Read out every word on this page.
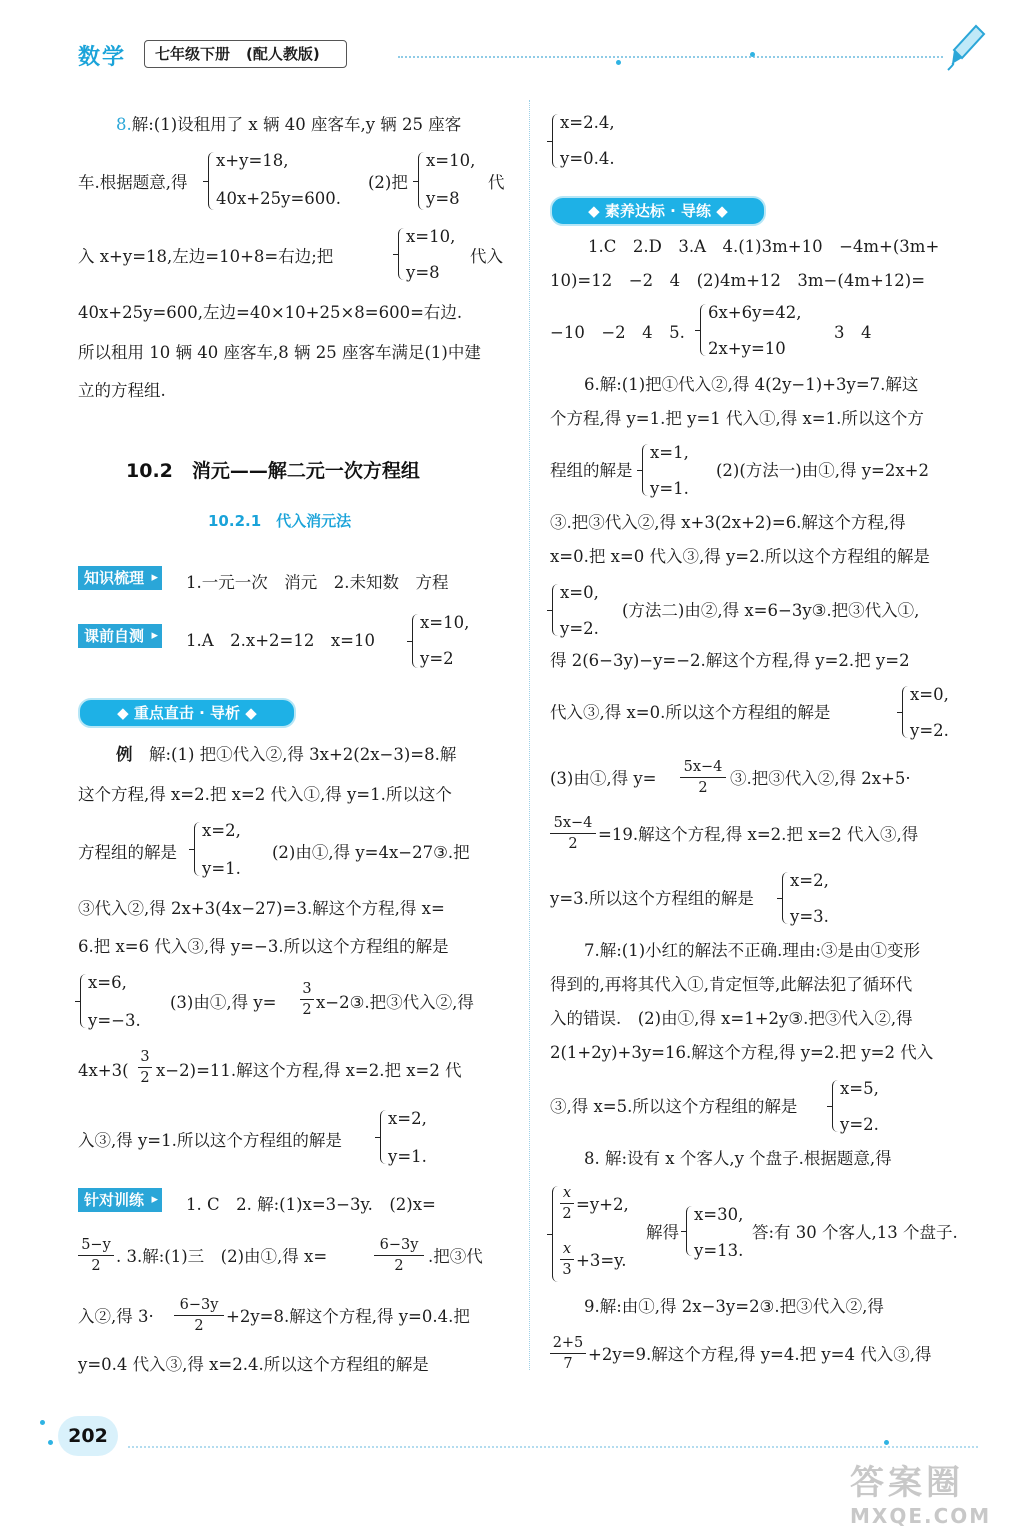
数学	七年级下册 (配人教版)
8.解:(1)设租用了 x 辆 40 座客车,y 辆 25 座客
车.根据题意,得
x+y=18,
40x+25y=600.
(2)把
x=10,
y=8
代
入 x+y=18,左边=10+8=右边;把
x=10,
y=8
代入
40x+25y=600,左边=40×10+25×8=600=右边.
所以租用 10 辆 40 座客车,8 辆 25 座客车满足(1)中建
立的方程组.
10.2　消元——解二元一次方程组
10.2.1　代入消元法
知识梳理 ▸	1.一元一次　消元　2.未知数　方程
课前自测 ▸	1.A　2.x+2=12　x=10
x=10,
y=2
◆ 重点直击 · 导析 ◆
例　 解:(1) 把①代入②,得 3x+2(2x−3)=8.解
这个方程,得 x=2.把 x=2 代入①,得 y=1.所以这个
方程组的解是
x=2,
y=1.
(2)由①,得 y=4x−27③.把
③代入②,得 2x+3(4x−27)=3.解这个方程,得 x=
6.把 x=6 代入③,得 y=−3.所以这个方程组的解是
x=6,
y=−3.
(3)由①,得 y=
3
2 x−2③.把③代入②,得
4x+3(
3
2 x−2)=11.解这个方程,得 x=2.把 x=2 代
入③,得 y=1.所以这个方程组的解是
x=2,
y=1.
针对训练 ▸	1. C　2. 解:(1)x=3−3y.　(2)x=
5−y
2 . 3.解:(1)三　(2)由①,得 x=
6−3y
2	.把③代
入②,得 3·
6−3y
2	+2y=8.解这个方程,得 y=0.4.把
y=0.4 代入③,得 x=2.4.所以这个方程组的解是
x=2.4,
y=0.4.
◆ 素养达标 · 导练 ◆
1.C　2.D　3.A　4.(1)3m+10　−4m+(3m+
10)=12　−2　4　(2)4m+12　3m−(4m+12)=
−10　−2　4　5.
6x+6y=42,
2x+y=10
3　4
6.解:(1)把①代入②,得 4(2y−1)+3y=7.解这
个方程,得 y=1.把 y=1 代入①,得 x=1.所以这个方
程组的解是
x=1,
y=1.
(2)(方法一)由①,得 y=2x+2
③.把③代入②,得 x+3(2x+2)=6.解这个方程,得
x=0.把 x=0 代入③,得 y=2.所以这个方程组的解是
x=0,
y=2.
(方法二)由②,得 x=6−3y③.把③代入①,
得 2(6−3y)−y=−2.解这个方程,得 y=2.把 y=2
代入③,得 x=0.所以这个方程组的解是
x=0,
y=2.
(3)由①,得 y=
5x−4
2	③.把③代入②,得 2x+5·
5x−4
2	=19.解这个方程,得 x=2.把 x=2 代入③,得
y=3.所以这个方程组的解是
x=2,
y=3.
7.解:(1)小红的解法不正确.理由:③是由①变形
得到的,再将其代入①,肯定恒等,此解法犯了循环代
入的错误.　(2)由①,得 x=1+2y③.把③代入②,得
2(1+2y)+3y=16.解这个方程,得 y=2.把 y=2 代入
③,得 x=5.所以这个方程组的解是
x=5,
y=2.
8. 解:设有 x 个客人,y 个盘子.根据题意,得
x
2 =y+2,
x
3 +3=y.
解得
x=30,
y=13.
答:有 30 个客人,13 个盘子.
9.解:由①,得 2x−3y=2③.把③代入②,得
2+5
7 +2y=9.解这个方程,得 y=4.把 y=4 代入③,得
202
答案圈
MXQE.COM
